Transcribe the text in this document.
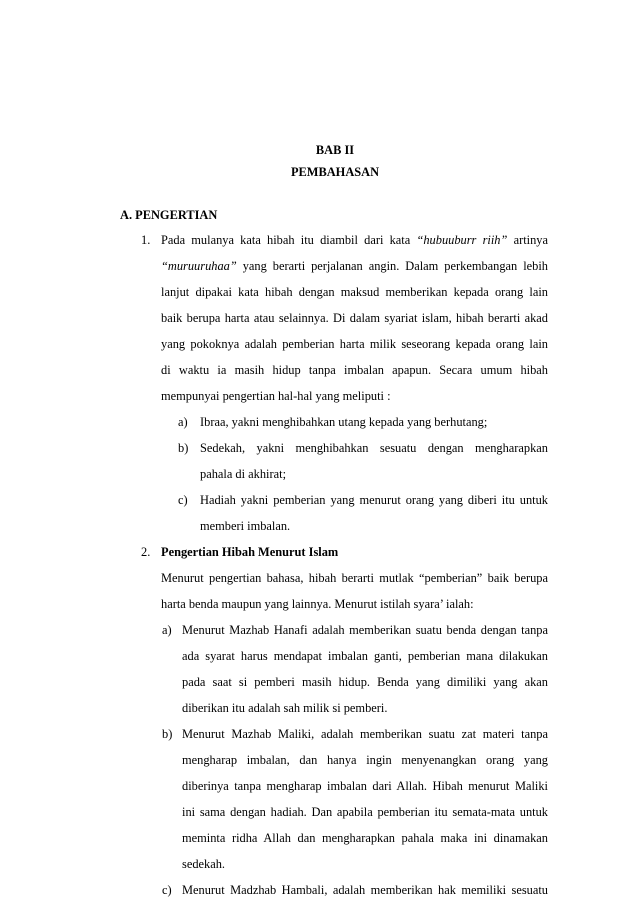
BAB II
PEMBAHASAN
A. PENGERTIAN
1. Pada mulanya kata hibah itu diambil dari kata “hubuuburr riih” artinya
“muruuruhaa” yang berarti perjalanan angin. Dalam perkembangan lebih
lanjut dipakai kata hibah dengan maksud memberikan kepada orang lain
baik berupa harta atau selainnya. Di dalam syariat islam, hibah berarti akad
yang pokoknya adalah pemberian harta milik seseorang kepada orang lain
di waktu ia masih hidup tanpa imbalan apapun. Secara umum hibah
mempunyai pengertian hal-hal yang meliputi :
a) Ibraa, yakni menghibahkan utang kepada yang berhutang;
b) Sedekah, yakni menghibahkan sesuatu dengan mengharapkan
pahala di akhirat;
c) Hadiah yakni pemberian yang menurut orang yang diberi itu untuk
memberi imbalan.
2. Pengertian Hibah Menurut Islam
Menurut pengertian bahasa, hibah berarti mutlak “pemberian” baik berupa
harta benda maupun yang lainnya. Menurut istilah syara’ ialah:
a) Menurut Mazhab Hanafi adalah memberikan suatu benda dengan tanpa
ada syarat harus mendapat imbalan ganti, pemberian mana dilakukan
pada saat si pemberi masih hidup. Benda yang dimiliki yang akan
diberikan itu adalah sah milik si pemberi.
b) Menurut Mazhab Maliki, adalah memberikan suatu zat materi tanpa
mengharap imbalan, dan hanya ingin menyenangkan orang yang
diberinya tanpa mengharap imbalan dari Allah. Hibah menurut Maliki
ini sama dengan hadiah. Dan apabila pemberian itu semata-mata untuk
meminta ridha Allah dan mengharapkan pahala maka ini dinamakan
sedekah.
c) Menurut Madzhab Hambali, adalah memberikan hak memiliki sesuatu
